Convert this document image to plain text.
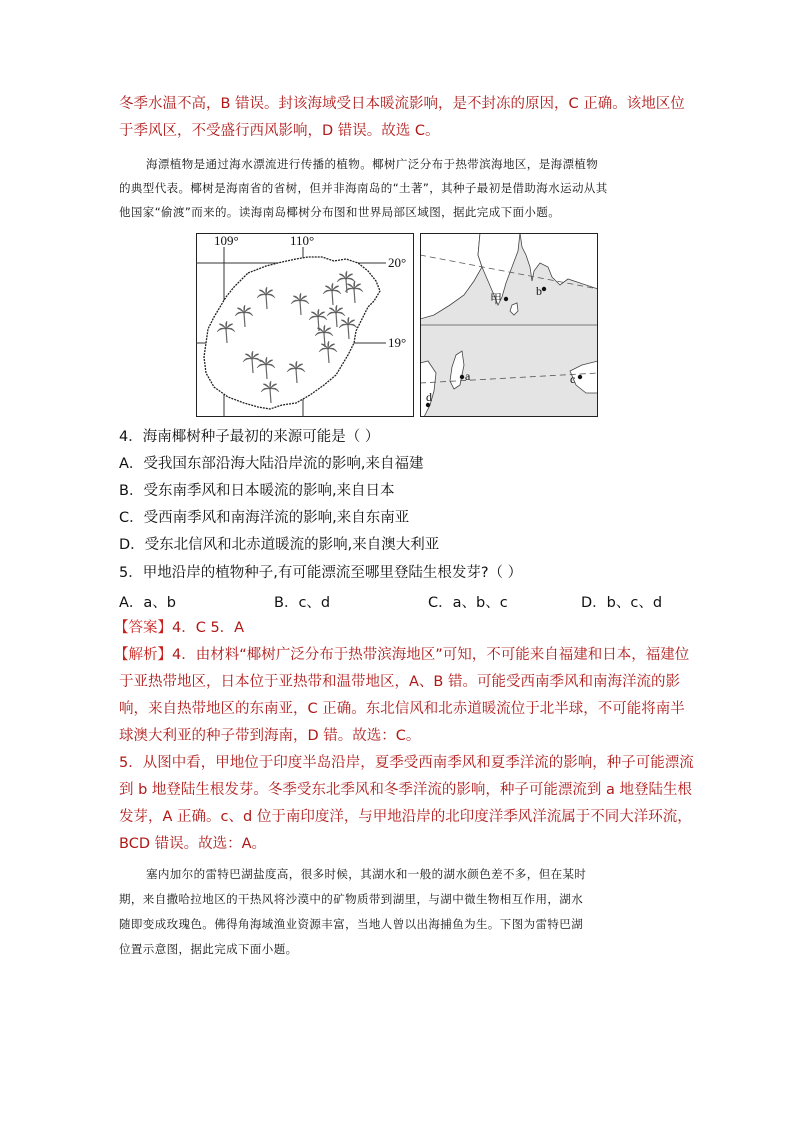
冬季水温不高，B 错误。封该海域受日本暖流影响，是不封冻的原因，C 正确。该地区位
于季风区，不受盛行西风影响，D 错误。故选 C。
海漂植物是通过海水漂流进行传播的植物。椰树广泛分布于热带滨海地区，是海漂植物
的典型代表。椰树是海南省的省树，但并非海南岛的“土著”，其种子最初是借助海水运动从其
他国家“偷渡”而来的。读海南岛椰树分布图和世界局部区域图，据此完成下面小题。
109°	110°
20°
19°
甲
b
a	c
d
4．海南椰树种子最初的来源可能是（ ）
A．受我国东部沿海大陆沿岸流的影响,来自福建
B．受东南季风和日本暖流的影响,来自日本
C．受西南季风和南海洋流的影响,来自东南亚
D．受东北信风和北赤道暖流的影响,来自澳大利亚
5．甲地沿岸的植物种子,有可能漂流至哪里登陆生根发芽?（ ）
A．a、b	B．c、d	C．a、b、c	D．b、c、d
【答案】4．C 5．A
【解析】4．由材料“椰树广泛分布于热带滨海地区”可知，不可能来自福建和日本，福建位
于亚热带地区，日本位于亚热带和温带地区，A、B 错。可能受西南季风和南海洋流的影
响，来自热带地区的东南亚，C 正确。东北信风和北赤道暖流位于北半球，不可能将南半
球澳大利亚的种子带到海南，D 错。故选：C。
5．从图中看，甲地位于印度半岛沿岸，夏季受西南季风和夏季洋流的影响，种子可能漂流
到 b 地登陆生根发芽。冬季受东北季风和冬季洋流的影响，种子可能漂流到 a 地登陆生根
发芽，A 正确。c、d 位于南印度洋，与甲地沿岸的北印度洋季风洋流属于不同大洋环流，
BCD 错误。故选：A。
塞内加尔的雷特巴湖盐度高，很多时候，其湖水和一般的湖水颜色差不多，但在某时
期，来自撒哈拉地区的干热风将沙漠中的矿物质带到湖里，与湖中微生物相互作用，湖水
随即变成玫瑰色。佛得角海域渔业资源丰富，当地人曾以出海捕鱼为生。下图为雷特巴湖
位置示意图，据此完成下面小题。
